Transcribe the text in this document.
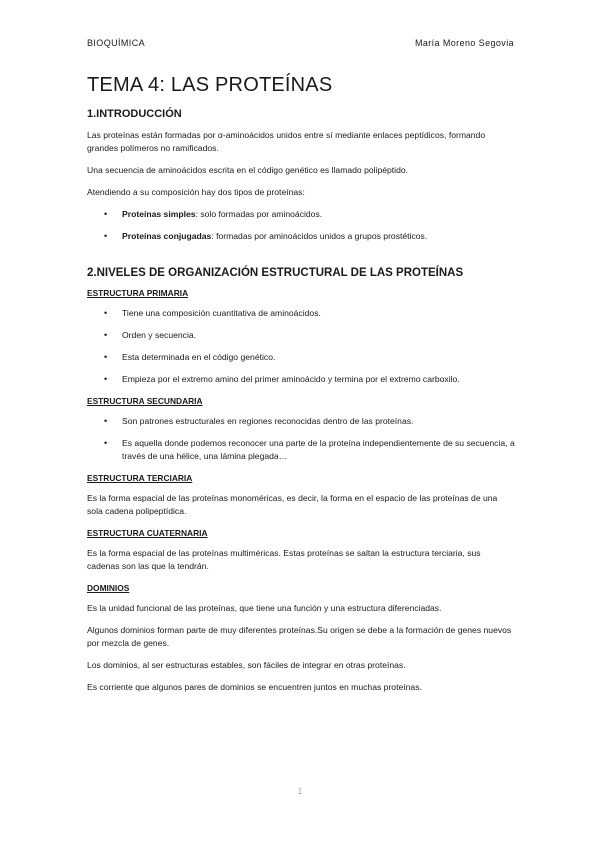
BIOQUÍMICA	María Moreno Segovia
TEMA 4: LAS PROTEÍNAS
1.INTRODUCCIÓN

Las proteínas están formadas por α-aminoácidos unidos entre sí mediante enlaces peptídicos, formando grandes polímeros no ramificados.

Una secuencia de aminoácidos escrita en el código genético es llamado polipéptido.

Atendiendo a su composición hay dos tipos de proteínas:

• Proteínas simples: solo formadas por aminoácidos.
• Proteínas conjugadas: formadas por aminoácidos unidos a grupos prostéticos.
2.NIVELES DE ORGANIZACIÓN ESTRUCTURAL DE LAS PROTEÍNAS
ESTRUCTURA PRIMARIA
• Tiene una composición cuantitativa de aminoácidos.
• Orden y secuencia.
• Esta determinada en el código genético.
• Empieza por el extremo amino del primer aminoácido y termina por el extremo carboxilo.
ESTRUCTURA SECUNDARIA
• Son patrones estructurales en regiones reconocidas dentro de las proteínas.
• Es aquella donde podemos reconocer una parte de la proteína independientemente de su secuencia, a través de una hélice, una lámina plegada…
ESTRUCTURA TERCIARIA

Es la forma espacial de las proteínas monoméricas, es decir, la forma en el espacio de las proteínas de una sola cadena polipeptídica.

ESTRUCTURA CUATERNARIA

Es la forma espacial de las proteínas multiméricas. Estas proteínas se saltan la estructura terciaria, sus cadenas son las que la tendrán.

DOMINIOS

Es la unidad funcional de las proteínas, que tiene una función y una estructura diferenciadas.

Algunos dominios forman parte de muy diferentes proteínas.Su origen se debe a la formación de genes nuevos por mezcla de genes.

Los dominios, al ser estructuras estables, son fáciles de integrar en otras proteínas.

Es corriente que algunos pares de dominios se encuentren juntos en muchas proteínas.

1
